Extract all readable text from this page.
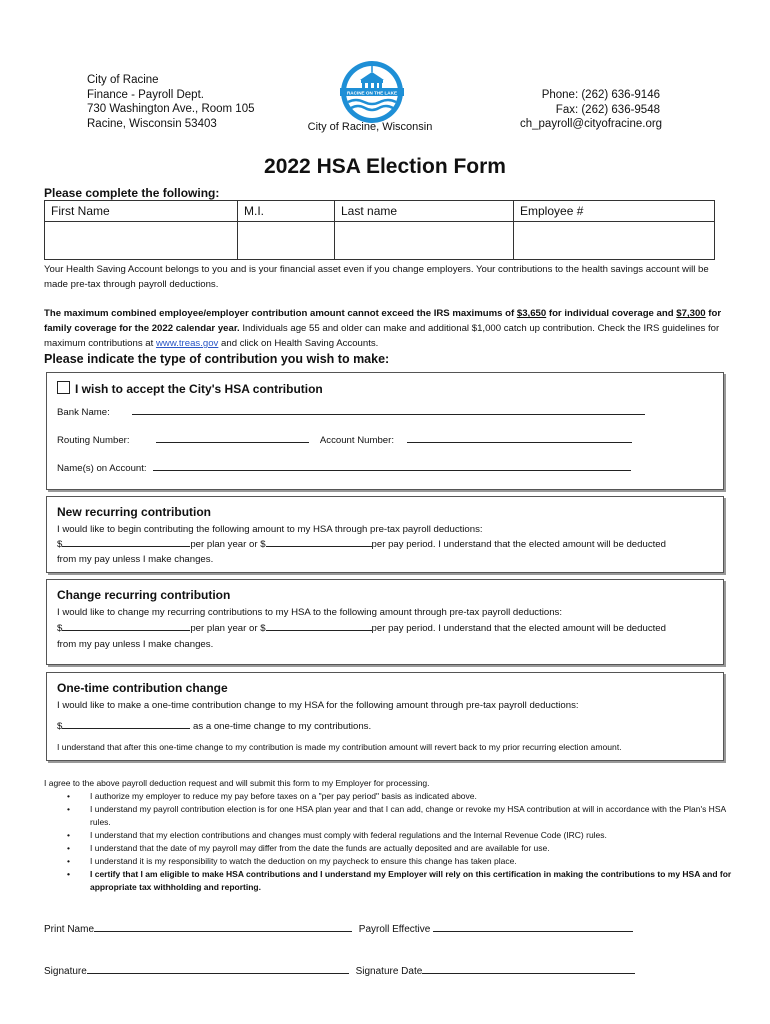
City of Racine
Finance - Payroll Dept.
730 Washington Ave., Room 105
Racine, Wisconsin 53403
RACINE ON THE LAKE
City of Racine, Wisconsin
Phone: (262) 636-9146
Fax: (262) 636-9548
ch_payroll@cityofracine.org
2022 HSA Election Form
Please complete the following:
First Name	M.I.	Last name	Employee #

Your Health Saving Account belongs to you and is your financial asset even if you change employers. Your contributions to the health savings account will be made pre-tax through payroll deductions.
The maximum combined employee/employer contribution amount cannot exceed the IRS maximums of $3,650 for individual coverage and $7,300 for family coverage for the 2022 calendar year. Individuals age 55 and older can make and additional $1,000 catch up contribution. Check the IRS guidelines for maximum contributions at www.treas.gov and click on Health Saving Accounts.
Please indicate the type of contribution you wish to make:
I wish to accept the City's HSA contribution
Bank Name:
Routing Number:	Account Number:
Name(s) on Account:
New recurring contribution
I would like to begin contributing the following amount to my HSA through pre-tax payroll deductions:
$	per plan year or $	per pay period. I understand that the elected amount will be deducted
from my pay unless I make changes.
Change recurring contribution
I would like to change my recurring contributions to my HSA to the following amount through pre-tax payroll deductions:
$	per plan year or $	per pay period. I understand that the elected amount will be deducted
from my pay unless I make changes.
One-time contribution change
I would like to make a one-time contribution change to my HSA for the following amount through pre-tax payroll deductions:
$	as a one-time change to my contributions.
I understand that after this one-time change to my contribution is made my contribution amount will revert back to my prior recurring election amount.
I agree to the above payroll deduction request and will submit this form to my Employer for processing.
• I authorize my employer to reduce my pay before taxes on a "per pay period" basis as indicated above.
• I understand my payroll contribution election is for one HSA plan year and that I can add, change or revoke my HSA contribution at will in accordance with the Plan's HSA rules.
• I understand that my election contributions and changes must comply with federal regulations and the Internal Revenue Code (IRC) rules.
• I understand that the date of my payroll may differ from the date the funds are actually deposited and are available for use.
• I understand it is my responsibility to watch the deduction on my paycheck to ensure this change has taken place.
• I certify that I am eligible to make HSA contributions and I understand my Employer will rely on this certification in making the contributions to my HSA and for appropriate tax withholding and reporting.
Print Name	Payroll Effective
Signature	Signature Date
